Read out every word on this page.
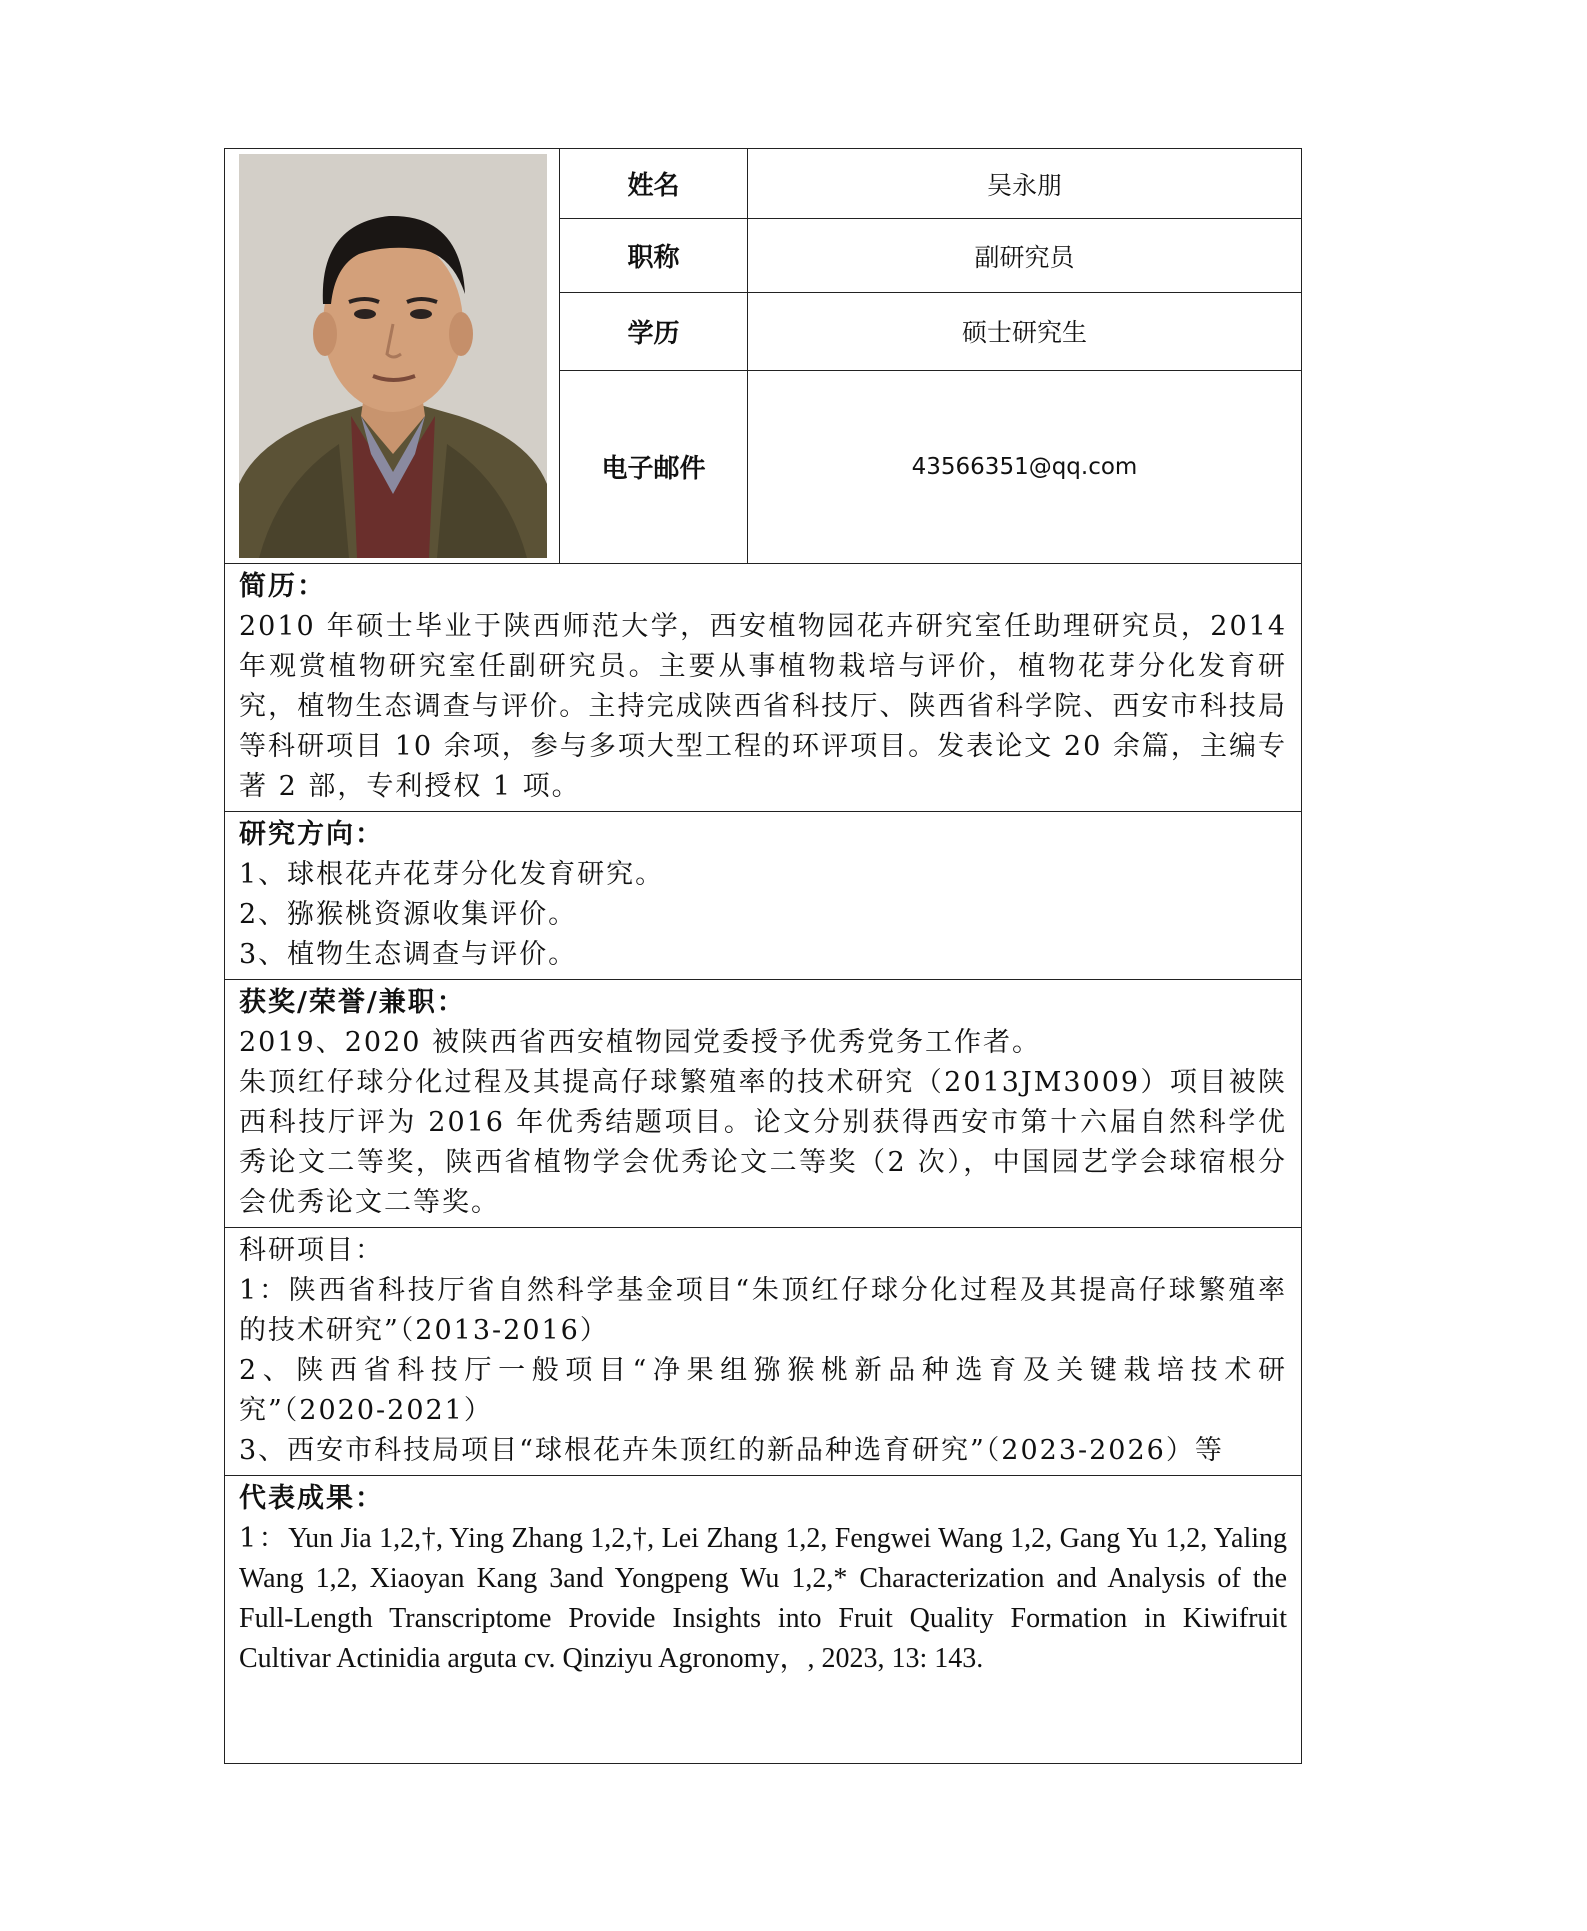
	姓名	吴永朋
	职称	副研究员
	学历	硕士研究生
	电子邮件	43566351@qq.com
简历：

2010 年硕士毕业于陕西师范大学，西安植物园花卉研究室任助理研究员，2014 年观赏植物研究室任副研究员。主要从事植物栽培与评价，植物花芽分化发育研究，植物生态调查与评价。主持完成陕西省科技厅、陕西省科学院、西安市科技局等科研项目 10 余项，参与多项大型工程的环评项目。发表论文 20 余篇，主编专著 2 部，专利授权 1 项。

研究方向：

1、球根花卉花芽分化发育研究。

2、猕猴桃资源收集评价。

3、植物生态调查与评价。

获奖/荣誉/兼职：

2019、2020 被陕西省西安植物园党委授予优秀党务工作者。

朱顶红仔球分化过程及其提高仔球繁殖率的技术研究（2013JM3009）项目被陕西科技厅评为 2016 年优秀结题项目。论文分别获得西安市第十六届自然科学优秀论文二等奖，陕西省植物学会优秀论文二等奖（2 次），中国园艺学会球宿根分会优秀论文二等奖。

科研项目：

1：陕西省科技厅省自然科学基金项目“朱顶红仔球分化过程及其提高仔球繁殖率的技术研究”（2013-2016）

2、陕西省科技厅一般项目“净果组猕猴桃新品种选育及关键栽培技术研究”（2020-2021）

3、西安市科技局项目“球根花卉朱顶红的新品种选育研究”（2023-2026）等

代表成果：

1：Yun Jia 1,2,†, Ying Zhang 1,2,†, Lei Zhang 1,2, Fengwei Wang 1,2, Gang Yu 1,2, Yaling Wang 1,2, Xiaoyan Kang 3and Yongpeng Wu 1,2,* Characterization and Analysis of the Full-Length Transcriptome Provide Insights into Fruit Quality Formation in Kiwifruit Cultivar Actinidia arguta cv. Qinziyu Agronomy，, 2023, 13: 143.
